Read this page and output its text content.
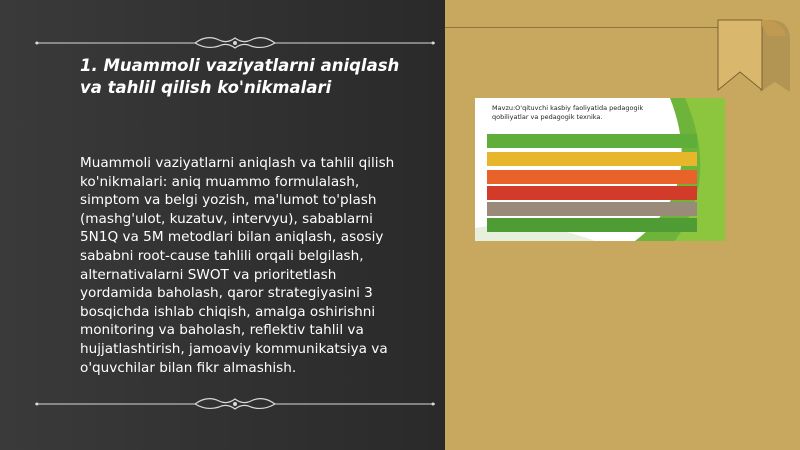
1. Muammoli vaziyatlarni aniqlash va tahlil qilish ko'nikmalari

Muammoli vaziyatlarni aniqlash va tahlil qilish ko'nikmalari: aniq muammo formulalash, simptom va belgi yozish, ma'lumot to'plash (mashg'ulot, kuzatuv, intervyu), sabablarni 5N1Q va 5M metodlari bilan aniqlash, asosiy sababni root-cause tahlili orqali belgilash, alternativalarni SWOT va prioritetlash yordamida baholash, qaror strategiyasini 3 bosqichda ishlab chiqish, amalga oshirishni monitoring va baholash, reflektiv tahlil va hujjatlashtirish, jamoaviy kommunikatsiya va o'quvchilar bilan fikr almashish.

Mavzu:O'qituvchi kasbiy faoliyatida pedagogik qobiliyatlar va pedagogik texnika.
